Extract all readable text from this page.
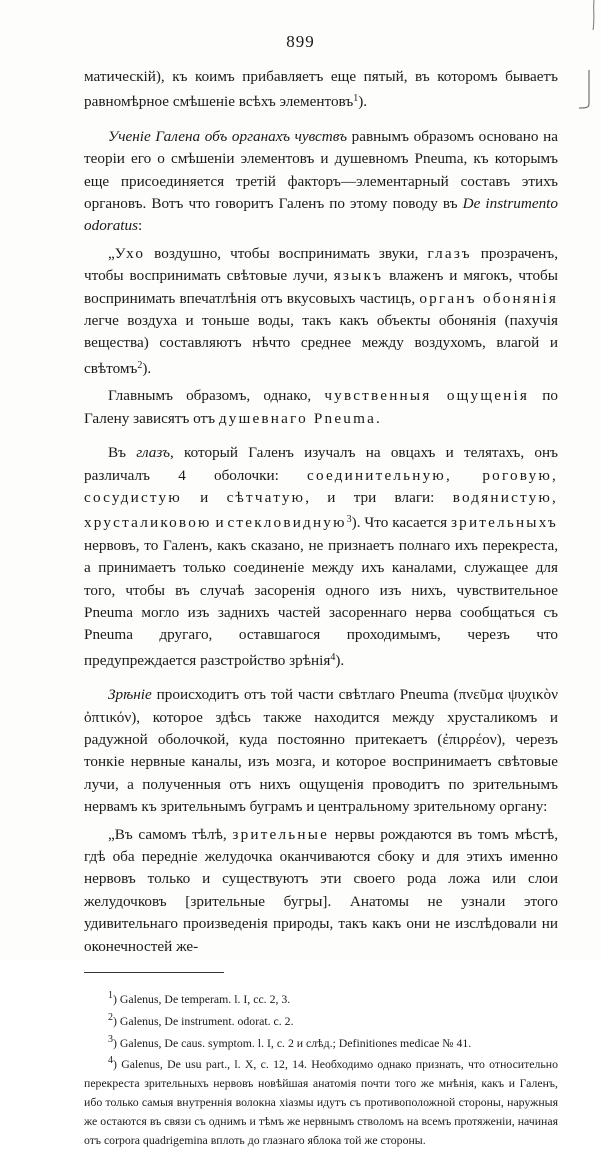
899

матическій), къ коимъ прибавляетъ еще пятый, въ которомъ бываетъ равномѣрное смѣшеніе всѣхъ элементовъ$^1$).

Ученіе Галена объ органахъ чувствъ равнымъ образомъ основано на теоріи его о смѣшеніи элементовъ и душевномъ Pneuma, къ которымъ еще присоединяется третій факторъ—элементарный составъ этихъ органовъ. Вотъ что говоритъ Галенъ по этому поводу въ De instrumento odoratus:

„Ухо воздушно, чтобы воспринимать звуки, глазъ прозраченъ, чтобы воспринимать свѣтовые лучи, языкъ влаженъ и мягокъ, чтобы воспринимать впечатлѣнія отъ вкусовыхъ частицъ, органъ обонянія легче воздуха и тоньше воды, такъ какъ объекты обонянія (пахучія вещества) составляютъ нѣчто среднее между воздухомъ, влагой и свѣтомъ$^2$).

Главнымъ образомъ, однако, чувственныя ощущенія по Галену зависятъ отъ душевнаго Pneuma.

Въ глазъ, который Галенъ изучалъ на овцахъ и телятахъ, онъ различалъ 4 оболочки: соединительную, роговую, сосудистую и сѣтчатую, и три влаги: водянистую, хрусталиковою и стекловидную$^3$). Что касается зрительныхъ нервовъ, то Галенъ, какъ сказано, не признаетъ полнаго ихъ перекреста, а принимаетъ только соединеніе между ихъ каналами, служащее для того, чтобы въ случаѣ засоренія одного изъ нихъ, чувствительное Pneuma могло изъ заднихъ частей засореннаго нерва сообщаться съ Pneuma другаго, оставшагося проходимымъ, черезъ что предупреждается разстройство зрѣнія$^4$).

Зрѣніе происходитъ отъ той части свѣтлаго Pneuma (πνεῦμα ψυχικὸν ὀπτικόν), которое здѣсь также находится между хрусталикомъ и радужной оболочкой, куда постоянно притекаетъ (ἐπιρρέον), черезъ тонкіе нервные каналы, изъ мозга, и которое воспринимаетъ свѣтовые лучи, а полученныя отъ нихъ ощущенія проводитъ по зрительнымъ нервамъ къ зрительнымъ буграмъ и центральному зрительному органу:

„Въ самомъ тѣлѣ, зрительные нервы рождаются въ томъ мѣстѣ, гдѣ оба передніе желудочка оканчиваются сбоку и для этихъ именно нервовъ только и существуютъ эти своего рода ложа или слои желудочковъ [зрительные бугры]. Анатомы не узнали этого удивительнаго произведенія природы, такъ какъ они не изслѣдовали ни оконечностей же-

$^1$) Galenus, De temperam. l. I, cc. 2, 3.

$^2$) Galenus, De instrument. odorat. c. 2.

$^3$) Galenus, De caus. symptom. l. I, c. 2 и слѣд.; Definitiones medicae № 41.

$^4$) Galenus, De usu part., l. X, c. 12, 14. Необходимо однако признать, что относительно перекреста зрительныхъ нервовъ новѣйшая анатомія почти того же мнѣнія, какъ и Галенъ, ибо только самыя внутреннія волокна хіазмы идутъ съ противоположной стороны, наружныя же остаются въ связи съ однимъ и тѣмъ же нервнымъ стволомъ на всемъ протяженіи, начиная отъ corpora quadrigemina вплоть до глазнаго яблока той же стороны.
